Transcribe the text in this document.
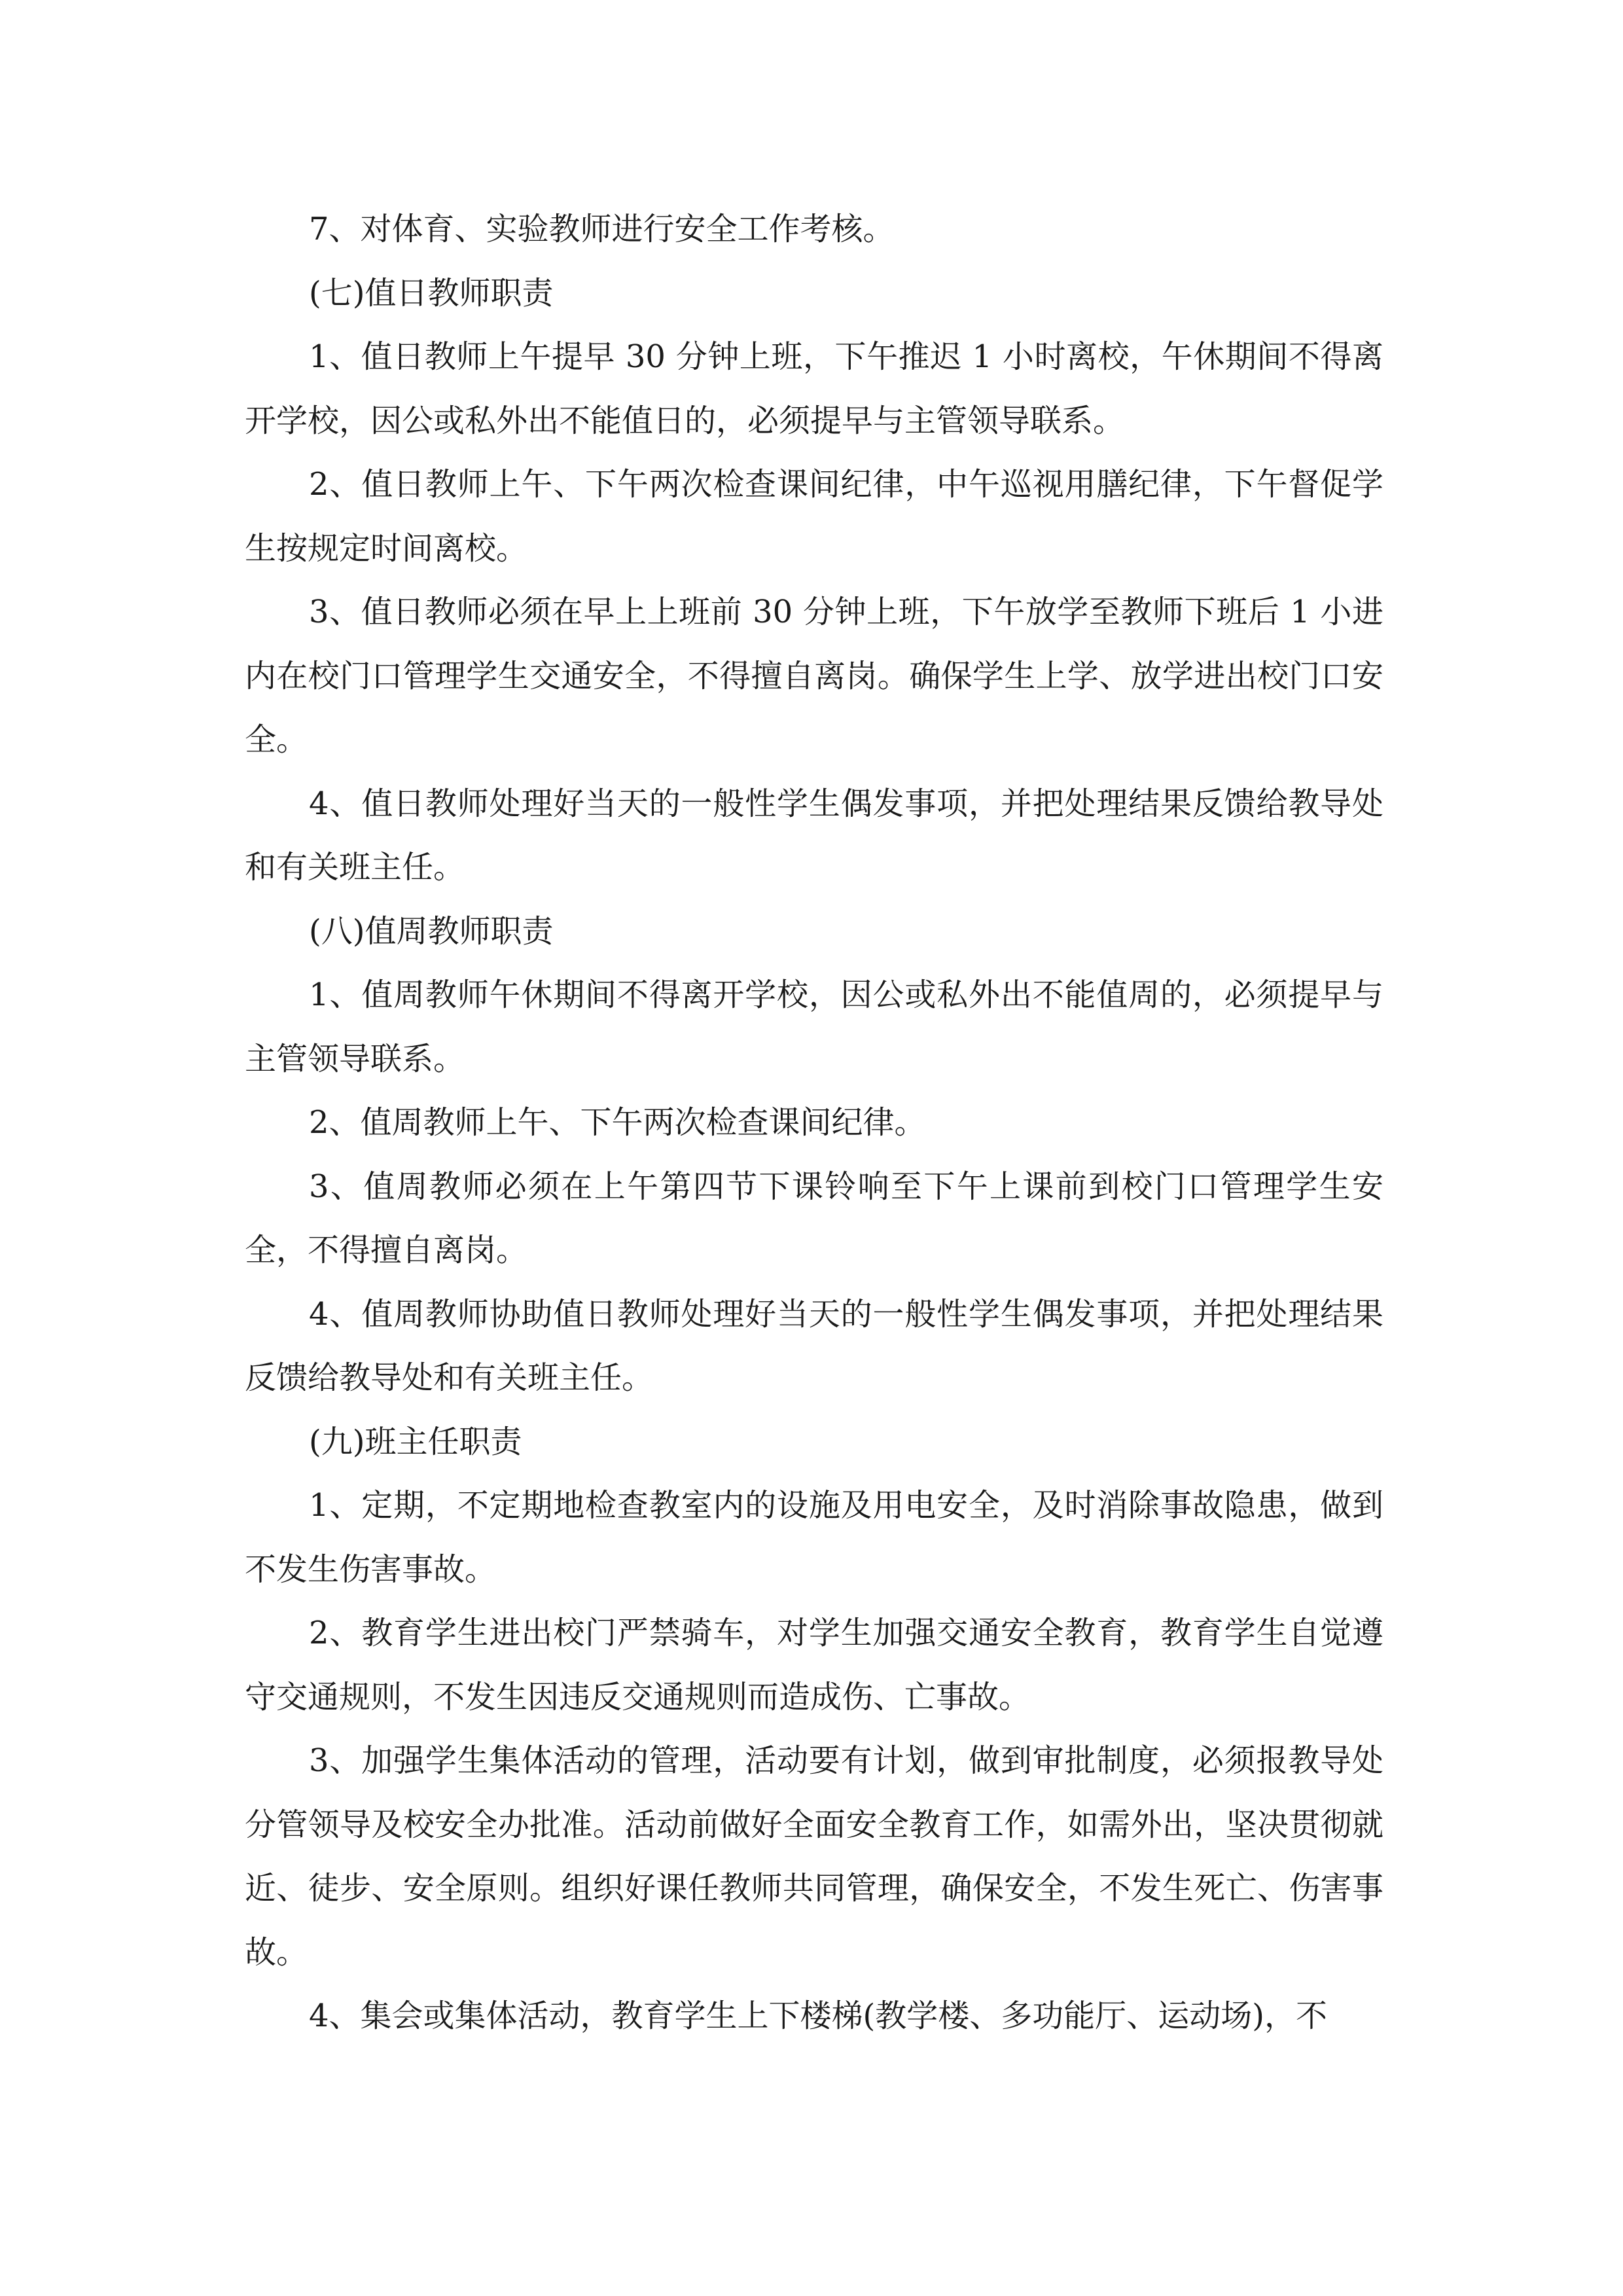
7、对体育、实验教师进行安全工作考核。

(七)值日教师职责

1、值日教师上午提早 30 分钟上班，下午推迟 1 小时离校，午休期间不得离开学校，因公或私外出不能值日的，必须提早与主管领导联系。

2、值日教师上午、下午两次检查课间纪律，中午巡视用膳纪律，下午督促学生按规定时间离校。

3、值日教师必须在早上上班前 30 分钟上班，下午放学至教师下班后 1 小进内在校门口管理学生交通安全，不得擅自离岗。确保学生上学、放学进出校门口安全。

4、值日教师处理好当天的一般性学生偶发事项，并把处理结果反馈给教导处和有关班主任。

(八)值周教师职责

1、值周教师午休期间不得离开学校，因公或私外出不能值周的，必须提早与主管领导联系。

2、值周教师上午、下午两次检查课间纪律。

3、值周教师必须在上午第四节下课铃响至下午上课前到校门口管理学生安全，不得擅自离岗。

4、值周教师协助值日教师处理好当天的一般性学生偶发事项，并把处理结果反馈给教导处和有关班主任。

(九)班主任职责

1、定期，不定期地检查教室内的设施及用电安全，及时消除事故隐患，做到不发生伤害事故。

2、教育学生进出校门严禁骑车，对学生加强交通安全教育，教育学生自觉遵守交通规则，不发生因违反交通规则而造成伤、亡事故。

3、加强学生集体活动的管理，活动要有计划，做到审批制度，必须报教导处分管领导及校安全办批准。活动前做好全面安全教育工作，如需外出，坚决贯彻就近、徒步、安全原则。组织好课任教师共同管理，确保安全，不发生死亡、伤害事故。

4、集会或集体活动，教育学生上下楼梯(教学楼、多功能厅、运动场)，不
